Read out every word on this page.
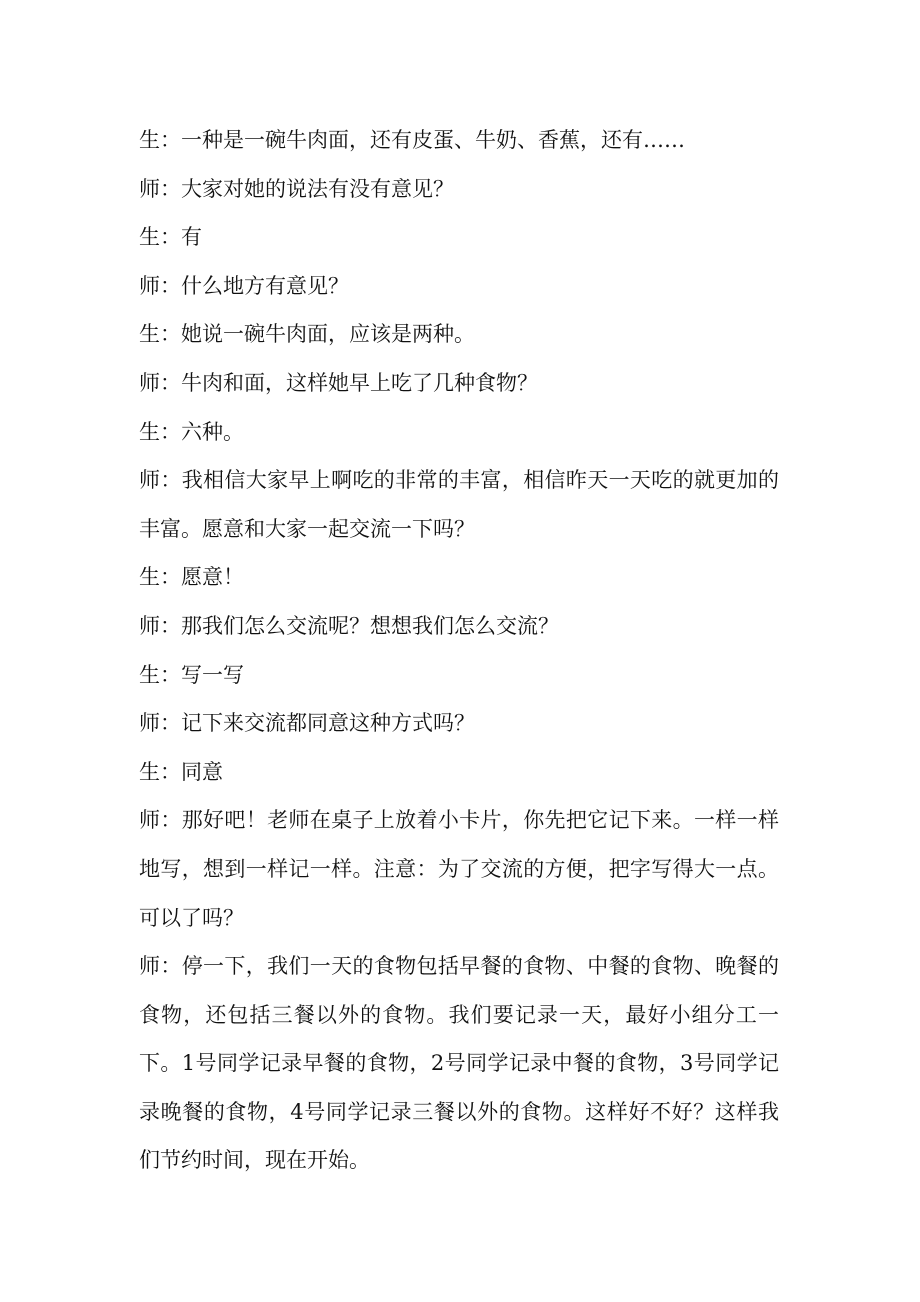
生：一种是一碗牛肉面，还有皮蛋、牛奶、香蕉，还有……

师：大家对她的说法有没有意见？

生：有

师：什么地方有意见？

生：她说一碗牛肉面，应该是两种。

师：牛肉和面，这样她早上吃了几种食物？

生：六种。

师：我相信大家早上啊吃的非常的丰富，相信昨天一天吃的就更加的丰富。愿意和大家一起交流一下吗？

生：愿意！

师：那我们怎么交流呢？想想我们怎么交流？

生：写一写

师：记下来交流都同意这种方式吗？

生：同意

师：那好吧！老师在桌子上放着小卡片，你先把它记下来。一样一样地写，想到一样记一样。注意：为了交流的方便，把字写得大一点。可以了吗？

师：停一下，我们一天的食物包括早餐的食物、中餐的食物、晚餐的食物，还包括三餐以外的食物。我们要记录一天，最好小组分工一下。1号同学记录早餐的食物，2号同学记录中餐的食物，3号同学记录晚餐的食物，4号同学记录三餐以外的食物。这样好不好？这样我们节约时间，现在开始。
